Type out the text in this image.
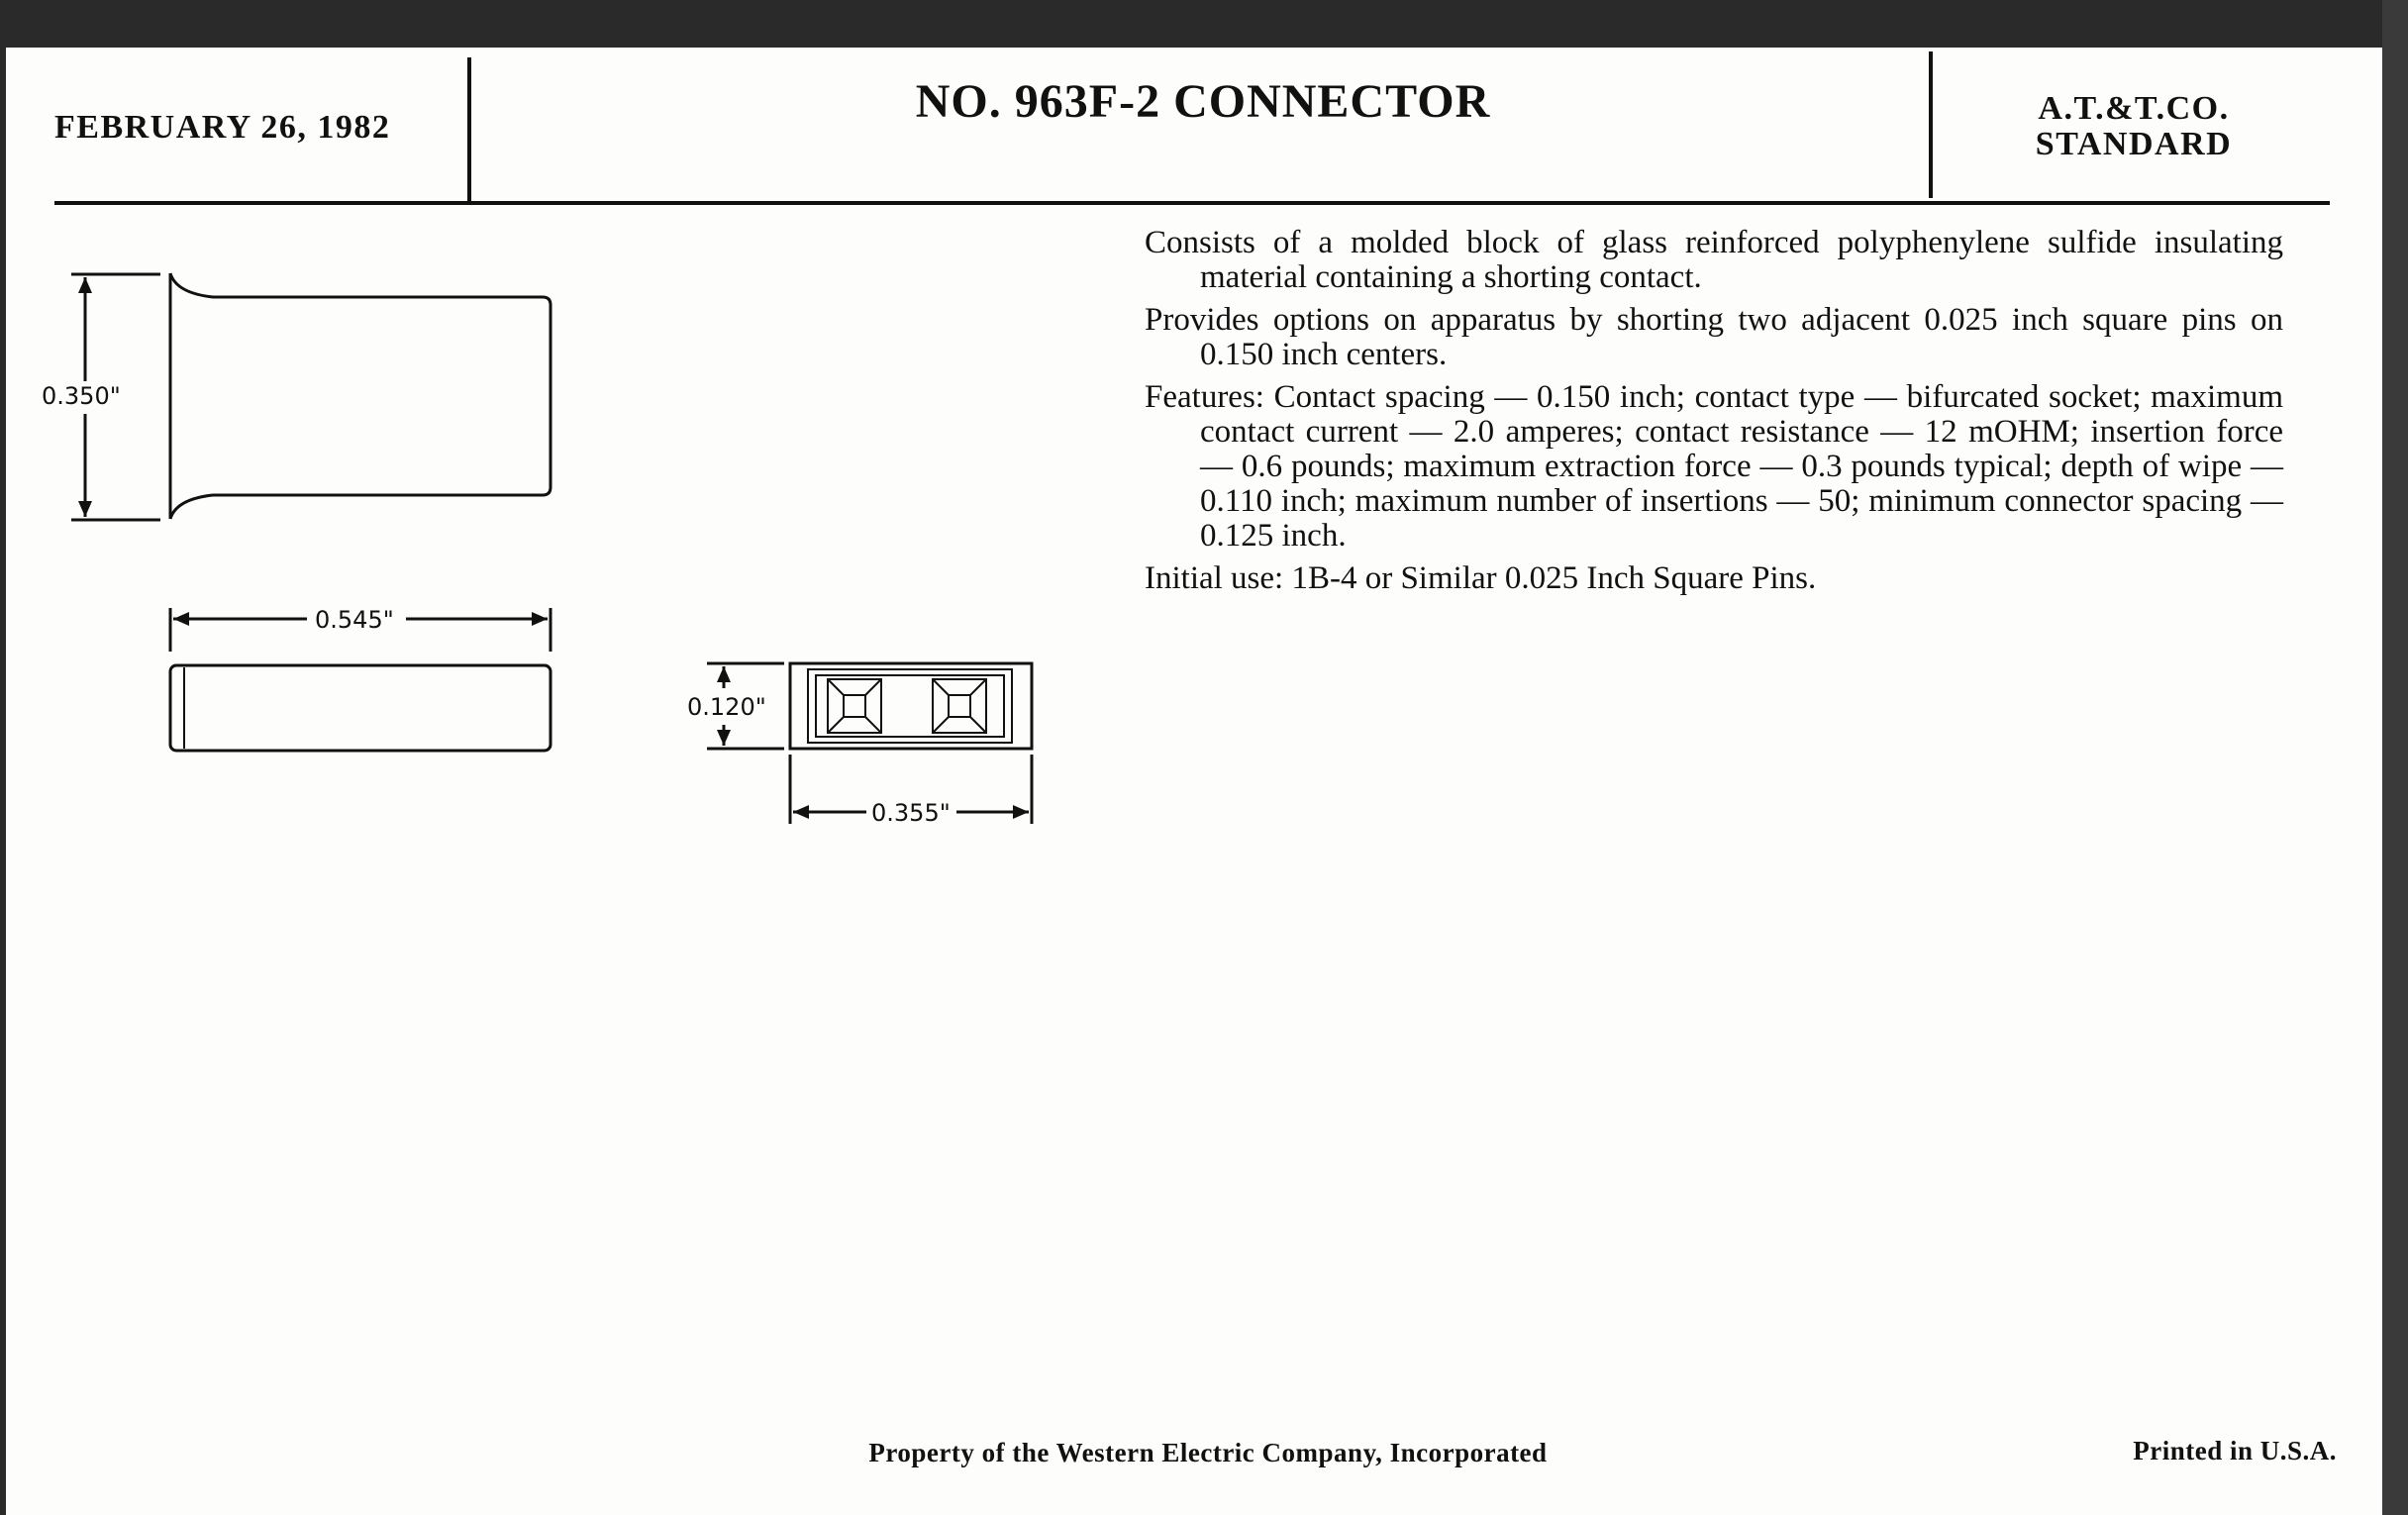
FEBRUARY 26, 1982	NO. 963F-2 CONNECTOR	A.T.&T.CO.
STANDARD
0.350"
0.545"
0.120"
0.355"

Consists of a molded block of glass reinforced polyphenylene sulfide insulating material containing a shorting contact.

Provides options on apparatus by shorting two adjacent 0.025 inch square pins on 0.150 inch centers.

Features: Contact spacing — 0.150 inch; contact type — bifurcated socket; maximum contact current — 2.0 amperes; contact resistance — 12 mOHM; insertion force — 0.6 pounds; maximum extraction force — 0.3 pounds typical; depth of wipe — 0.110 inch; maximum number of insertions — 50; minimum connector spacing — 0.125 inch.

Initial use: 1B-4 or Similar 0.025 Inch Square Pins.

Property of the Western Electric Company, Incorporated	Printed in U.S.A.
